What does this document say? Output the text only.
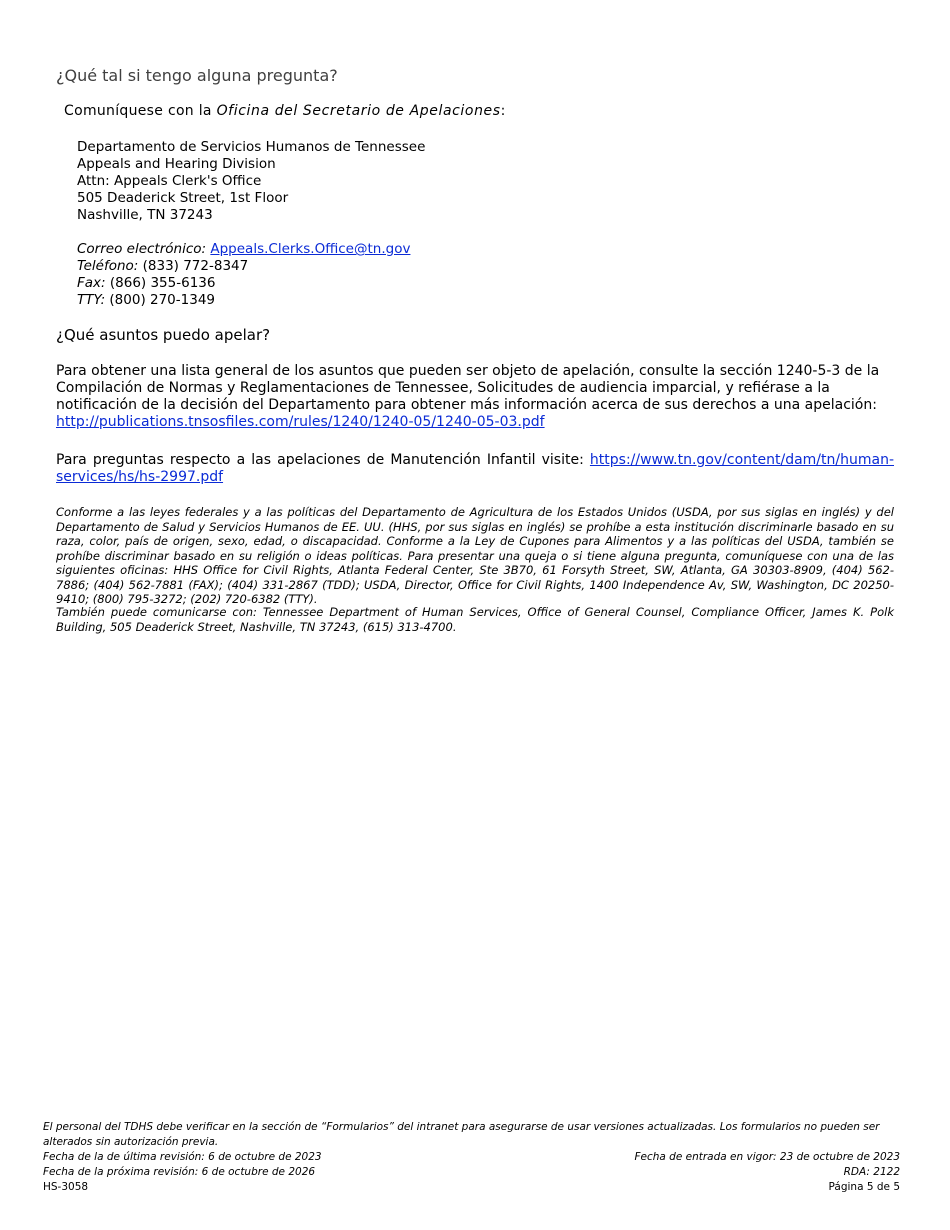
¿Qué tal si tengo alguna pregunta?
Comuníquese con la Oficina del Secretario de Apelaciones:
Departamento de Servicios Humanos de Tennessee
Appeals and Hearing Division
Attn: Appeals Clerk's Office
505 Deaderick Street, 1st Floor
Nashville, TN 37243
Correo electrónico: Appeals.Clerks.Office@tn.gov
Teléfono: (833) 772-8347
Fax: (866) 355-6136
TTY: (800) 270-1349
¿Qué asuntos puedo apelar?
Para obtener una lista general de los asuntos que pueden ser objeto de apelación, consulte la sección 1240-5-3 de la Compilación de Normas y Reglamentaciones de Tennessee, Solicitudes de audiencia imparcial, y refiérase a la notificación de la decisión del Departamento para obtener más información acerca de sus derechos a una apelación:
http://publications.tnsosfiles.com/rules/1240/1240-05/1240-05-03.pdf
Para preguntas respecto a las apelaciones de Manutención Infantil visite: https://www.tn.gov/content/dam/tn/human-services/hs/hs-2997.pdf
Conforme a las leyes federales y a las políticas del Departamento de Agricultura de los Estados Unidos (USDA, por sus siglas en inglés) y del Departamento de Salud y Servicios Humanos de EE. UU. (HHS, por sus siglas en inglés) se prohíbe a esta institución discriminarle basado en su raza, color, país de origen, sexo, edad, o discapacidad. Conforme a la Ley de Cupones para Alimentos y a las políticas del USDA, también se prohíbe discriminar basado en su religión o ideas políticas. Para presentar una queja o si tiene alguna pregunta, comuníquese con una de las siguientes oficinas: HHS Office for Civil Rights, Atlanta Federal Center, Ste 3B70, 61 Forsyth Street, SW, Atlanta, GA 30303-8909, (404) 562-7886; (404) 562-7881 (FAX); (404) 331-2867 (TDD); USDA, Director, Office for Civil Rights, 1400 Independence Av, SW, Washington, DC 20250-9410; (800) 795-3272; (202) 720-6382 (TTY).
También puede comunicarse con: Tennessee Department of Human Services, Office of General Counsel, Compliance Officer, James K. Polk Building, 505 Deaderick Street, Nashville, TN 37243, (615) 313-4700.
El personal del TDHS debe verificar en la sección de “Formularios” del intranet para asegurarse de usar versiones actualizadas. Los formularios no pueden ser alterados sin autorización previa.
Fecha de la de última revisión: 6 de octubre de 2023	Fecha de entrada en vigor: 23 de octubre de 2023
Fecha de la próxima revisión: 6 de octubre de 2026	RDA: 2122
HS-3058	Página 5 de 5
